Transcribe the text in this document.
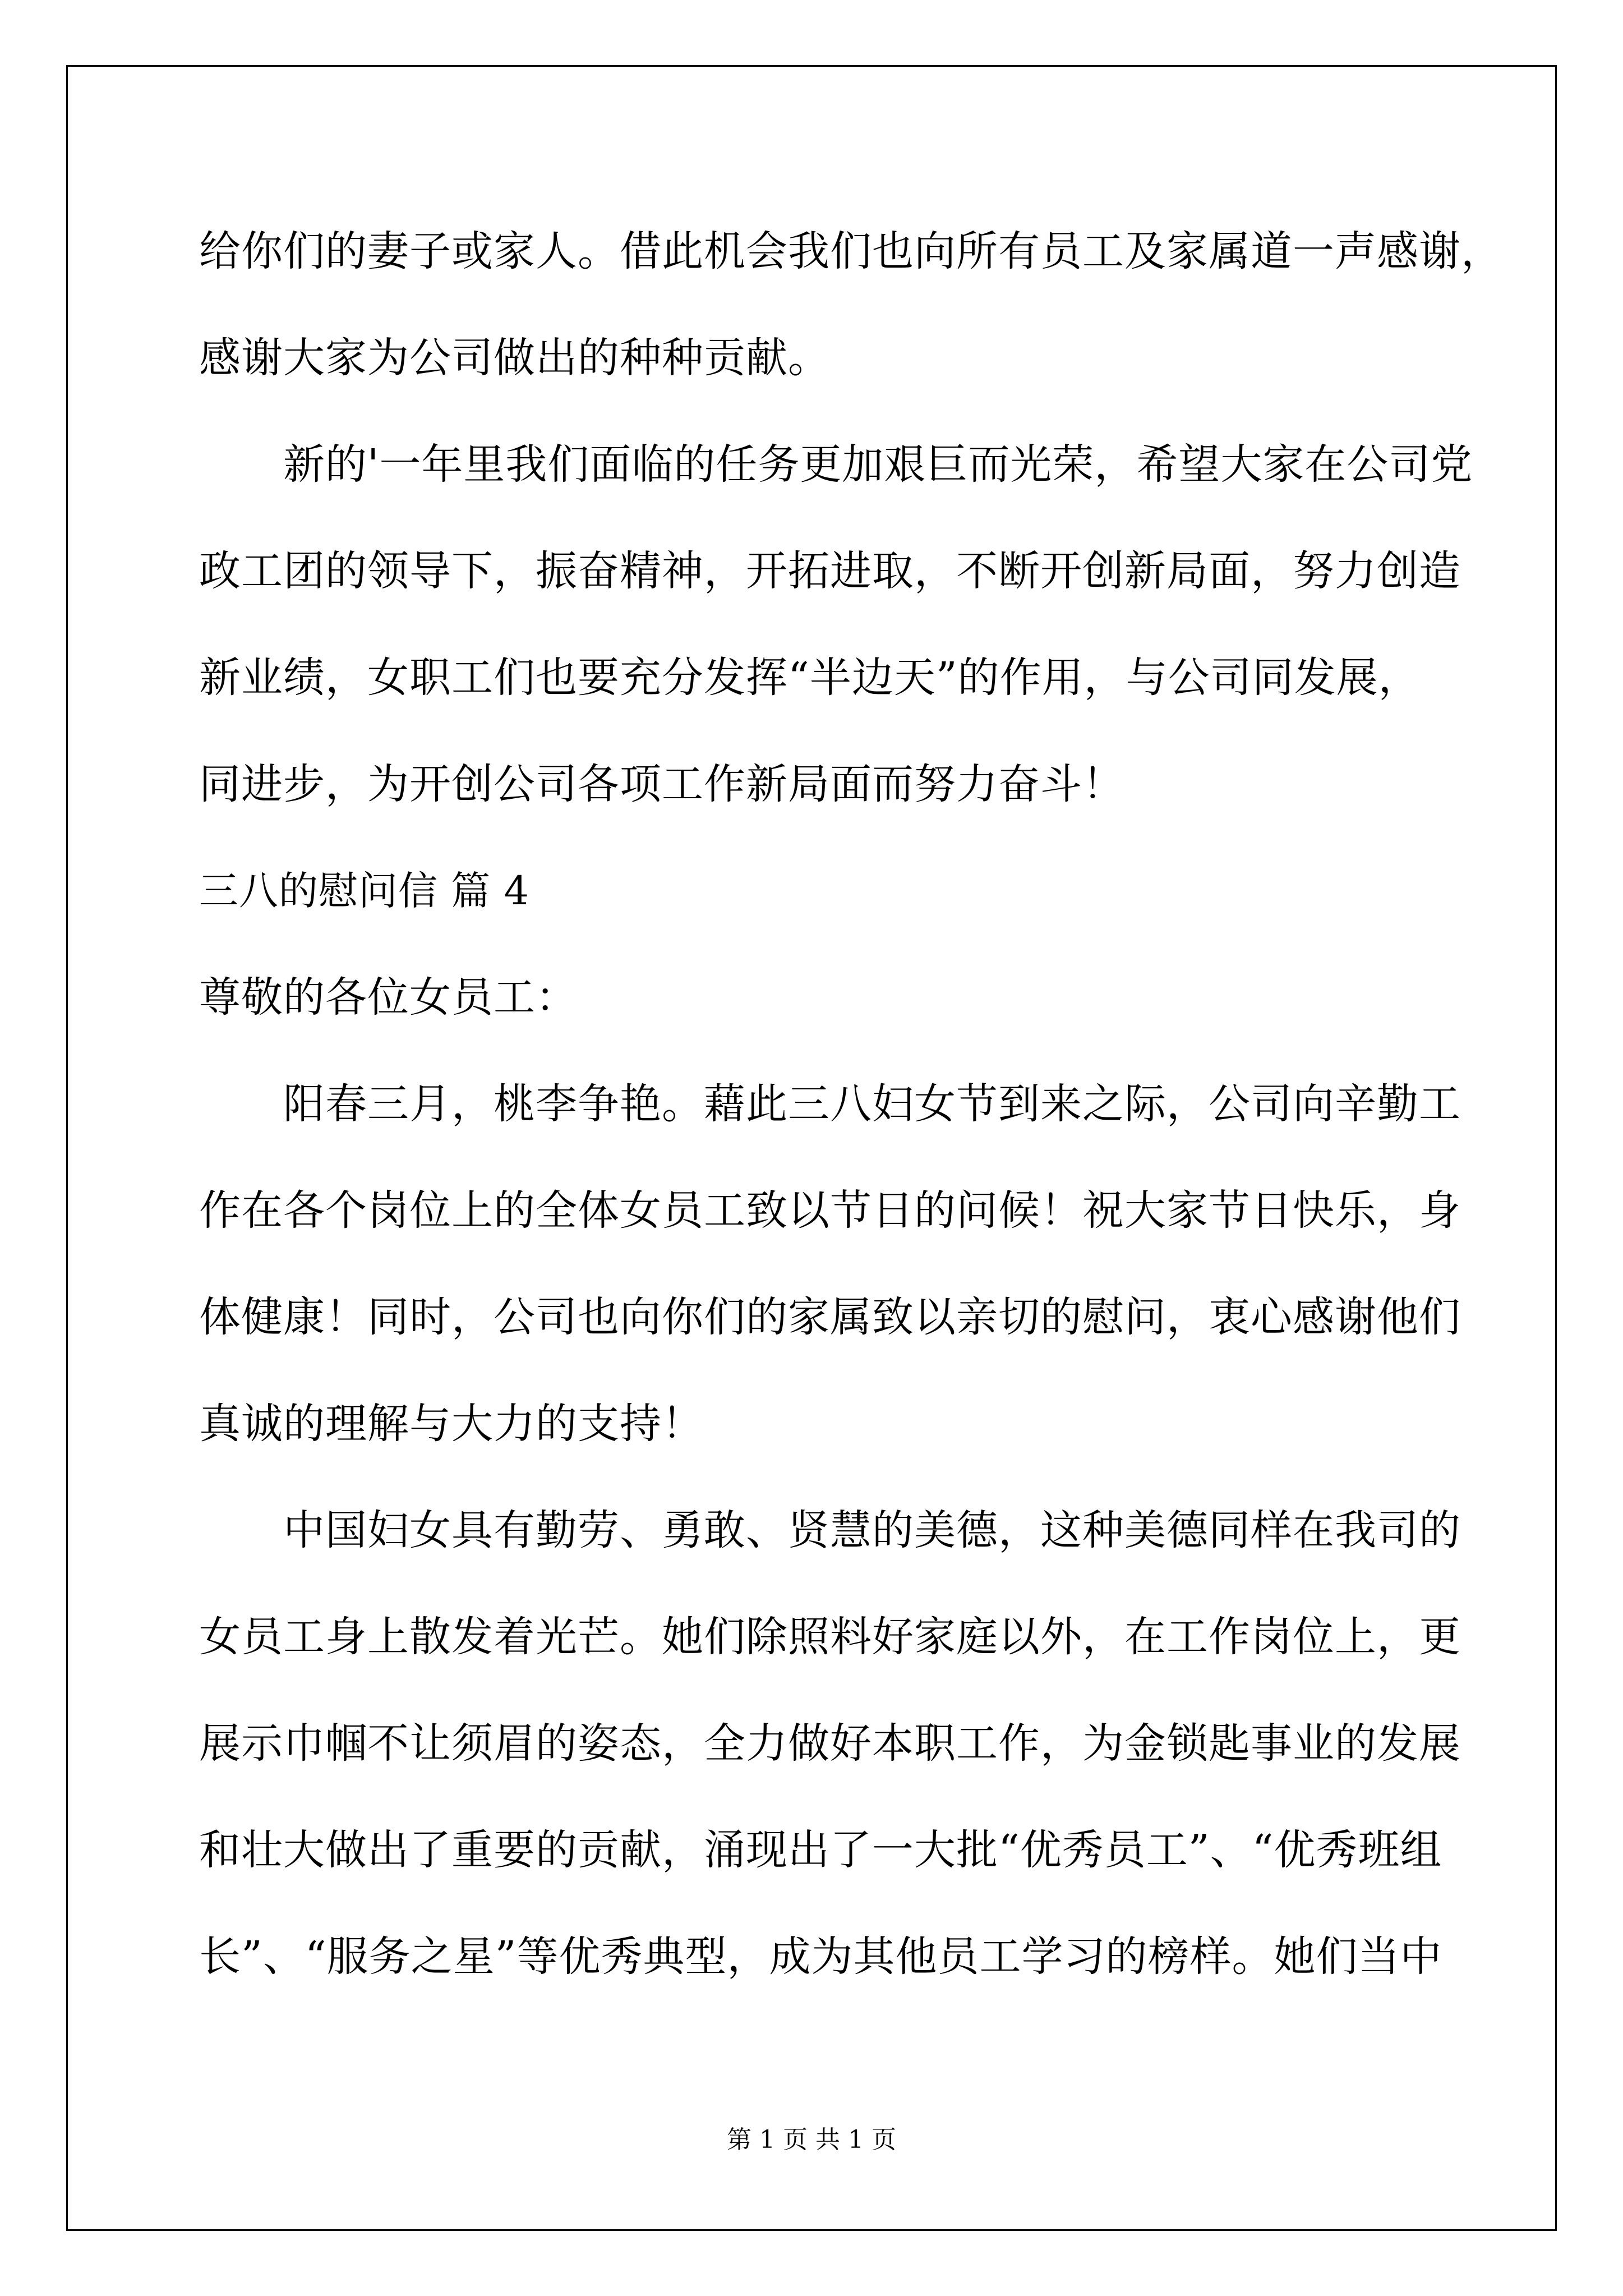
给你们的妻子或家人。借此机会我们也向所有员工及家属道一声感谢，

感谢大家为公司做出的种种贡献。

新的'一年里我们面临的任务更加艰巨而光荣，希望大家在公司党

政工团的领导下，振奋精神，开拓进取，不断开创新局面，努力创造

新业绩，女职工们也要充分发挥“半边天”的作用，与公司同发展，

同进步，为开创公司各项工作新局面而努力奋斗！

三八的慰问信 篇 4

尊敬的各位女员工：

阳春三月，桃李争艳。藉此三八妇女节到来之际，公司向辛勤工

作在各个岗位上的全体女员工致以节日的问候！祝大家节日快乐，身

体健康！同时，公司也向你们的家属致以亲切的慰问，衷心感谢他们

真诚的理解与大力的支持！

中国妇女具有勤劳、勇敢、贤慧的美德，这种美德同样在我司的

女员工身上散发着光芒。她们除照料好家庭以外，在工作岗位上，更

展示巾帼不让须眉的姿态，全力做好本职工作，为金锁匙事业的发展

和壮大做出了重要的贡献，涌现出了一大批“优秀员工”、“优秀班组

长”、“服务之星”等优秀典型，成为其他员工学习的榜样。她们当中

第 1 页 共 1 页
